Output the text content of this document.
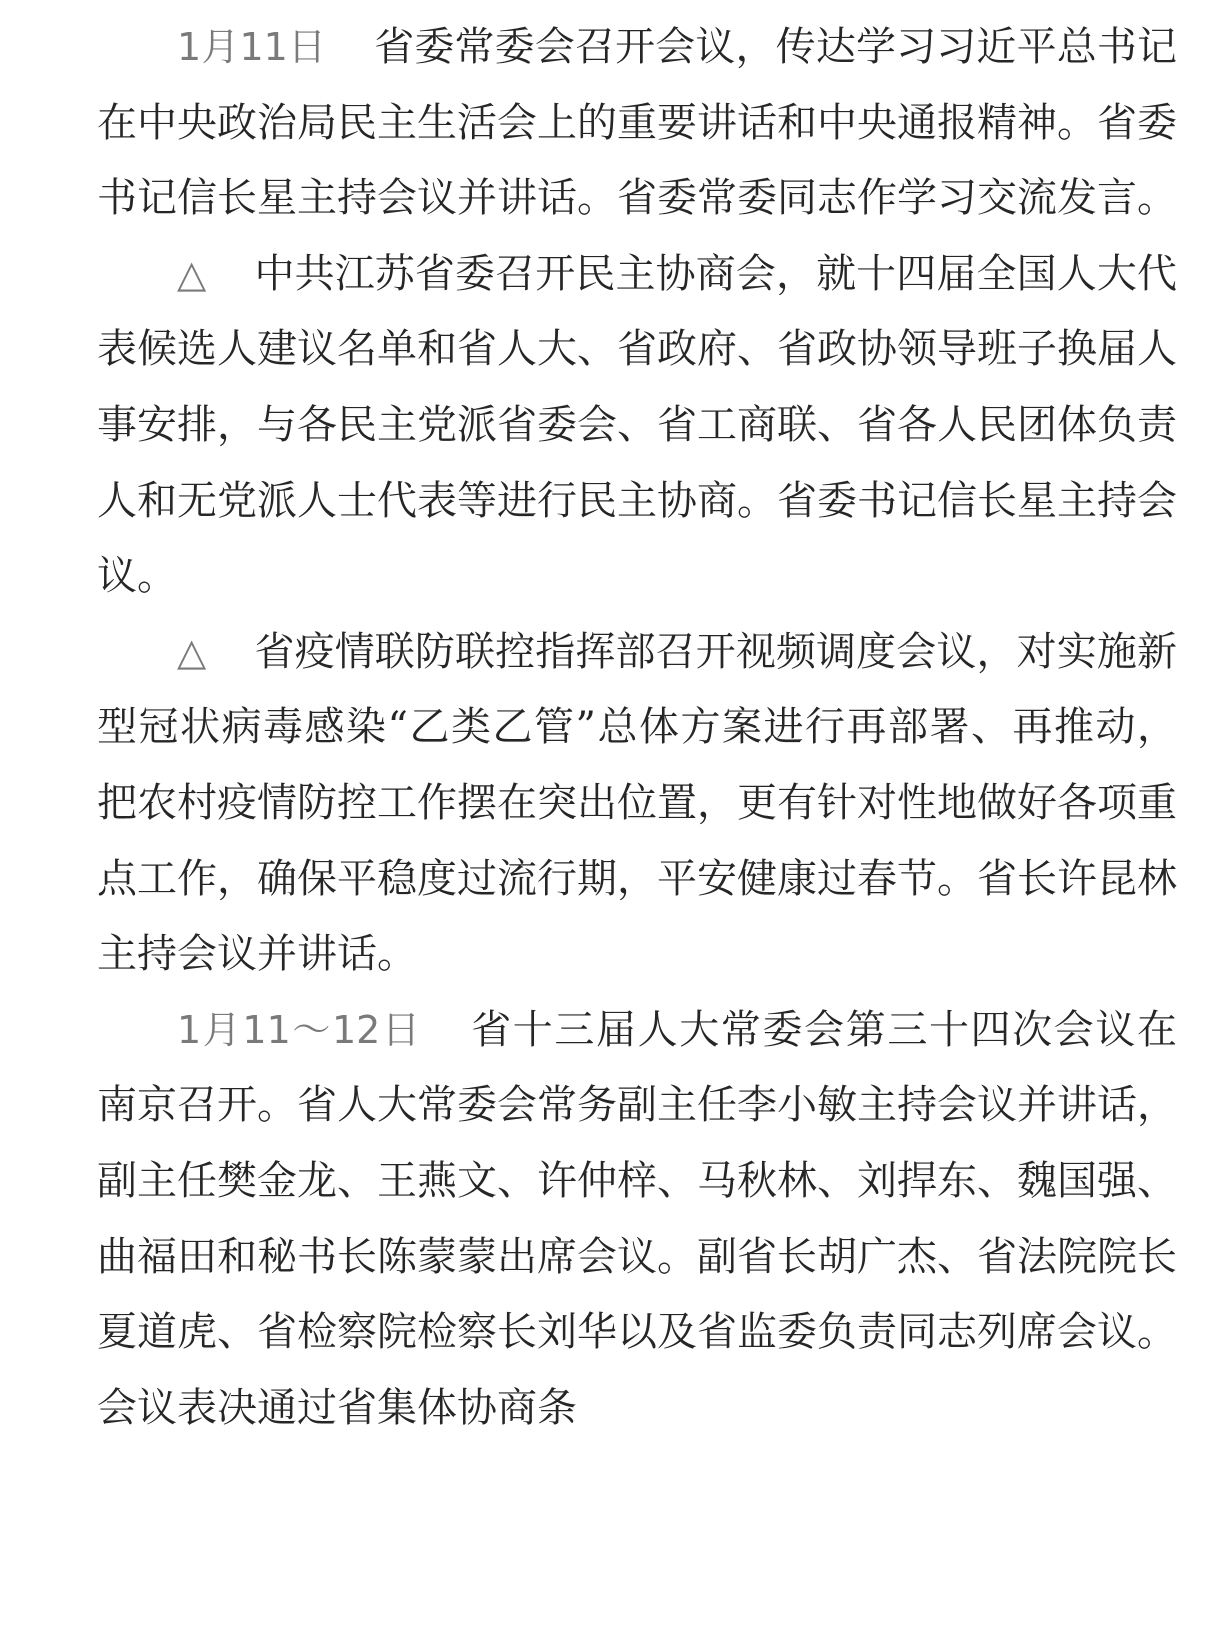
1月11日 省委常委会召开会议，传达学习习近平总书记在中央政治局民主生活会上的重要讲话和中央通报精神。省委书记信长星主持会议并讲话。省委常委同志作学习交流发言。

△ 中共江苏省委召开民主协商会，就十四届全国人大代表候选人建议名单和省人大、省政府、省政协领导班子换届人事安排，与各民主党派省委会、省工商联、省各人民团体负责人和无党派人士代表等进行民主协商。省委书记信长星主持会议。

△ 省疫情联防联控指挥部召开视频调度会议，对实施新型冠状病毒感染“乙类乙管”总体方案进行再部署、再推动，把农村疫情防控工作摆在突出位置，更有针对性地做好各项重点工作，确保平稳度过流行期，平安健康过春节。省长许昆林主持会议并讲话。

1月11～12日 省十三届人大常委会第三十四次会议在南京召开。省人大常委会常务副主任李小敏主持会议并讲话，副主任樊金龙、王燕文、许仲梓、马秋林、刘捍东、魏国强、曲福田和秘书长陈蒙蒙出席会议。副省长胡广杰、省法院院长夏道虎、省检察院检察长刘华以及省监委负责同志列席会议。会议表决通过省集体协商条
